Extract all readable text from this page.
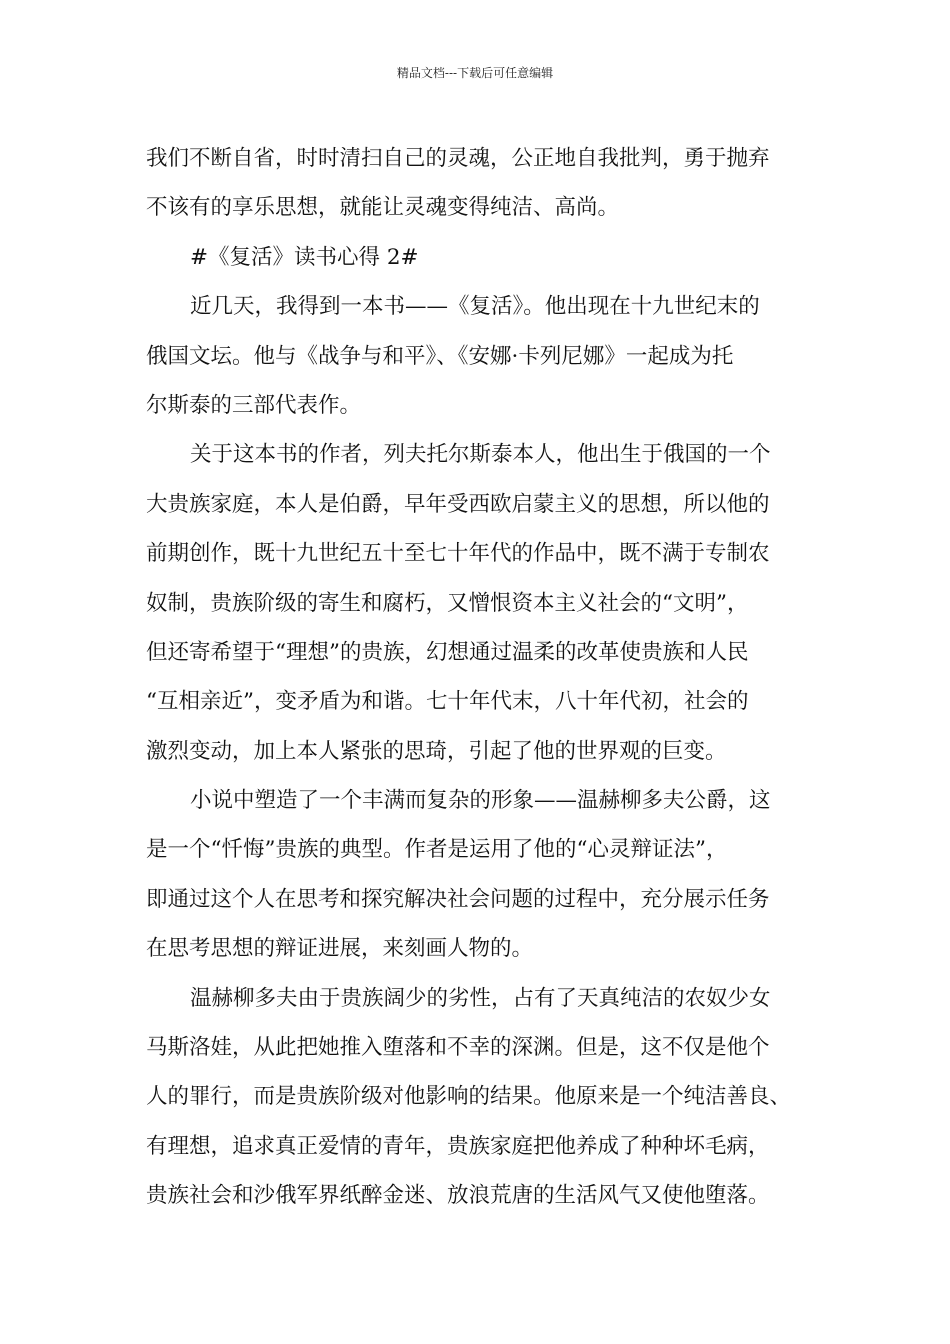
精品文档---下载后可任意编辑
我们不断自省，时时清扫自己的灵魂，公正地自我批判，勇于抛弃
不该有的享乐思想，就能让灵魂变得纯洁、高尚。
#《复活》读书心得 2#
近几天，我得到一本书——《复活》。他出现在十九世纪末的
俄国文坛。他与《战争与和平》、《安娜·卡列尼娜》一起成为托
尔斯泰的三部代表作。
关于这本书的作者，列夫托尔斯泰本人，他出生于俄国的一个
大贵族家庭，本人是伯爵，早年受西欧启蒙主义的思想，所以他的
前期创作，既十九世纪五十至七十年代的作品中，既不满于专制农
奴制，贵族阶级的寄生和腐朽，又憎恨资本主义社会的“文明”，
但还寄希望于“理想”的贵族，幻想通过温柔的改革使贵族和人民
“互相亲近”，变矛盾为和谐。七十年代末，八十年代初，社会的
激烈变动，加上本人紧张的思琦，引起了他的世界观的巨变。
小说中塑造了一个丰满而复杂的形象——温赫柳多夫公爵，这
是一个“忏悔”贵族的典型。作者是运用了他的“心灵辩证法”，
即通过这个人在思考和探究解决社会问题的过程中，充分展示任务
在思考思想的辩证进展，来刻画人物的。
温赫柳多夫由于贵族阔少的劣性，占有了天真纯洁的农奴少女
马斯洛娃，从此把她推入堕落和不幸的深渊。但是，这不仅是他个
人的罪行，而是贵族阶级对他影响的结果。他原来是一个纯洁善良、
有理想，追求真正爱情的青年，贵族家庭把他养成了种种坏毛病，
贵族社会和沙俄军界纸醉金迷、放浪荒唐的生活风气又使他堕落。
